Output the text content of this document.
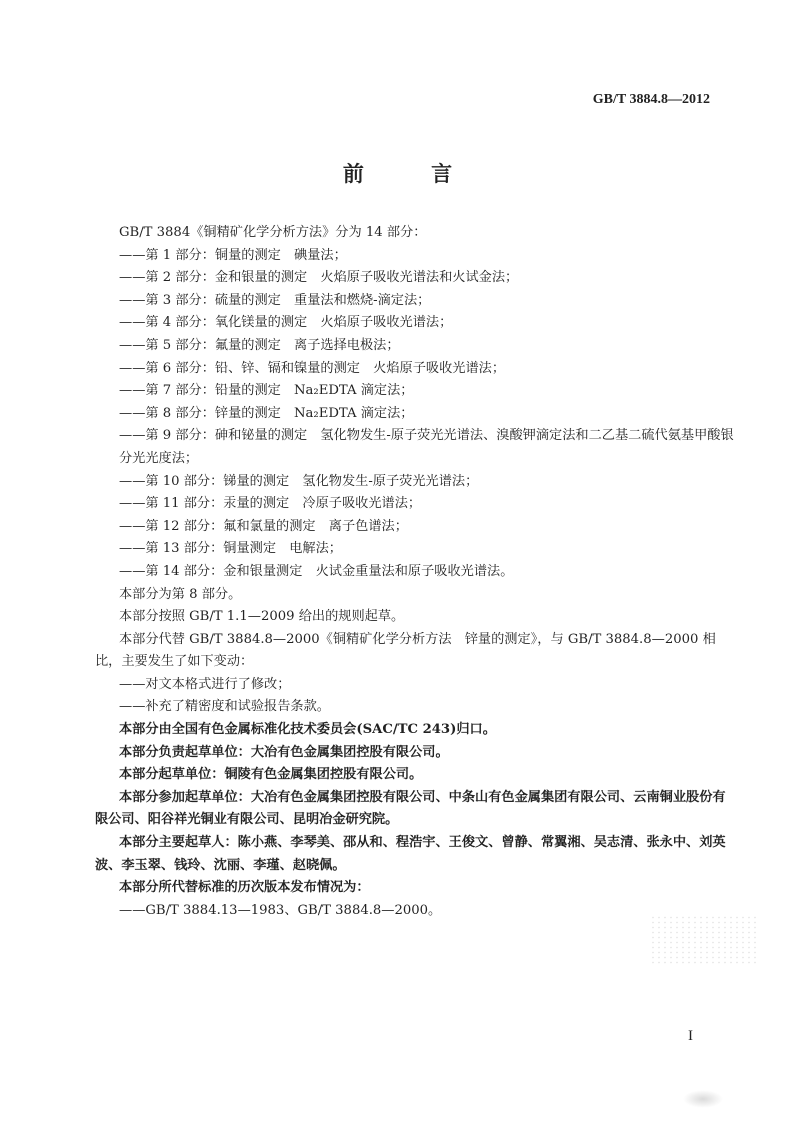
GB/T 3884.8—2012
前 言
GB/T 3884《铜精矿化学分析方法》分为 14 部分：
——第 1 部分：铜量的测定　碘量法；
——第 2 部分：金和银量的测定　火焰原子吸收光谱法和火试金法；
——第 3 部分：硫量的测定　重量法和燃烧-滴定法；
——第 4 部分：氧化镁量的测定　火焰原子吸收光谱法；
——第 5 部分：氟量的测定　离子选择电极法；
——第 6 部分：铅、锌、镉和镍量的测定　火焰原子吸收光谱法；
——第 7 部分：铅量的测定　Na₂EDTA 滴定法；
——第 8 部分：锌量的测定　Na₂EDTA 滴定法；
——第 9 部分：砷和铋量的测定　氢化物发生-原子荧光光谱法、溴酸钾滴定法和二乙基二硫代氨基甲酸银分光光度法；
——第 10 部分：锑量的测定　氢化物发生-原子荧光光谱法；
——第 11 部分：汞量的测定　冷原子吸收光谱法；
——第 12 部分：氟和氯量的测定　离子色谱法；
——第 13 部分：铜量测定　电解法；
——第 14 部分：金和银量测定　火试金重量法和原子吸收光谱法。
本部分为第 8 部分。
本部分按照 GB/T 1.1—2009 给出的规则起草。
本部分代替 GB/T 3884.8—2000《铜精矿化学分析方法　锌量的测定》，与 GB/T 3884.8—2000 相比，主要发生了如下变动：
——对文本格式进行了修改；
——补充了精密度和试验报告条款。
本部分由全国有色金属标准化技术委员会(SAC/TC 243)归口。
本部分负责起草单位：大冶有色金属集团控股有限公司。
本部分起草单位：铜陵有色金属集团控股有限公司。
本部分参加起草单位：大冶有色金属集团控股有限公司、中条山有色金属集团有限公司、云南铜业股份有限公司、阳谷祥光铜业有限公司、昆明冶金研究院。
本部分主要起草人：陈小燕、李琴美、邵从和、程浩宇、王俊文、曾静、常翼湘、吴志清、张永中、刘英波、李玉翠、钱玲、沈丽、李瑾、赵晓佩。
本部分所代替标准的历次版本发布情况为：
——GB/T 3884.13—1983、GB/T 3884.8—2000。
I
